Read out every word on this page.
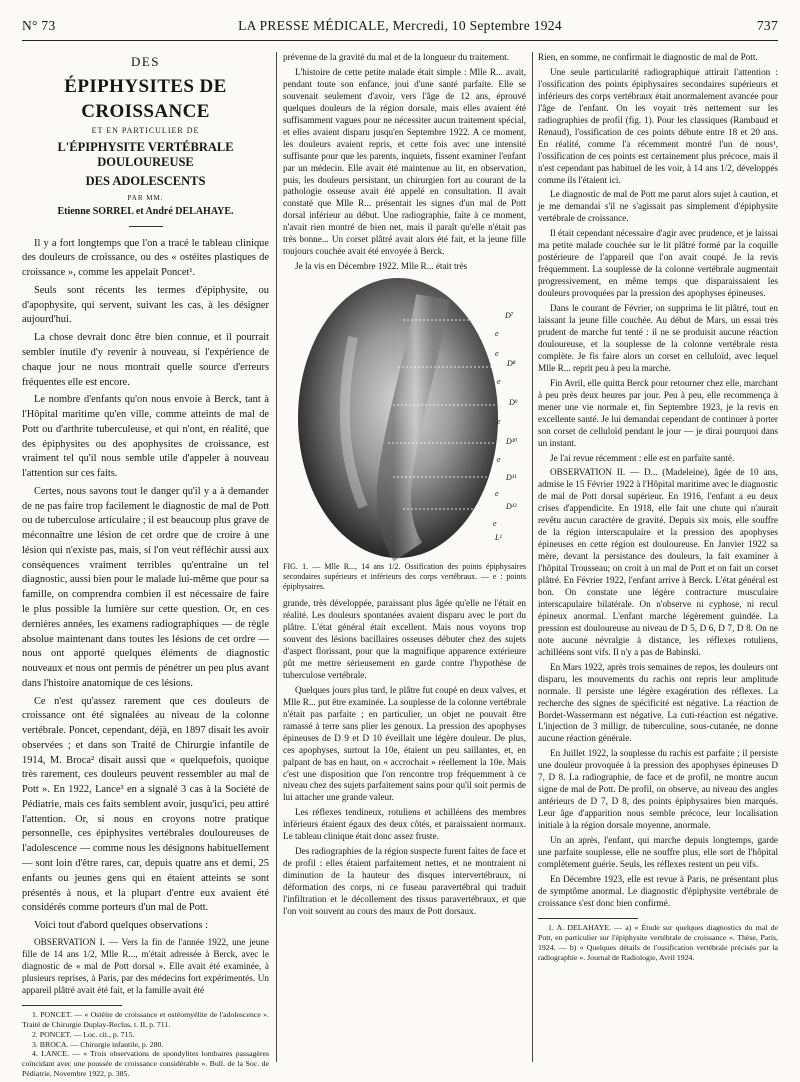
N° 73	LA PRESSE MÉDICALE, Mercredi, 10 Septembre 1924	737
DES
ÉPIPHYSITES DE CROISSANCE
ET EN PARTICULIER DE
L'ÉPIPHYSITE VERTÉBRALE DOULOUREUSE
DES ADOLESCENTS
PAR MM.
Etienne SORREL et André DELAHAYE.

Il y a fort longtemps que l'on a tracé le tableau clinique des douleurs de croissance, ou des « ostéites plastiques de croissance », comme les appelait Poncet¹.

Seuls sont récents les termes d'épiphysite, ou d'apophysite, qui servent, suivant les cas, à les désigner aujourd'hui.

La chose devrait donc être bien connue, et il pourrait sembler inutile d'y revenir à nouveau, si l'expérience de chaque jour ne nous montrait quelle source d'erreurs fréquentes elle est encore.

Le nombre d'enfants qu'on nous envoie à Berck, tant à l'Hôpital maritime qu'en ville, comme atteints de mal de Pott ou d'arthrite tuberculeuse, et qui n'ont, en réalité, que des épiphysites ou des apophysites de croissance, est vraiment tel qu'il nous semble utile d'appeler à nouveau l'attention sur ces faits.

Certes, nous savons tout le danger qu'il y a à demander de ne pas faire trop facilement le diagnostic de mal de Pott ou de tuberculose articulaire ; il est beaucoup plus grave de méconnaître une lésion de cet ordre que de croire à une lésion qui n'existe pas, mais, si l'on veut réfléchir aussi aux conséquences vraiment terribles qu'entraîne un tel diagnostic, aussi bien pour le malade lui-même que pour sa famille, on comprendra combien il est nécessaire de faire le plus possible la lumière sur cette question. Or, en ces dernières années, les examens radiographiques — de règle absolue maintenant dans toutes les lésions de cet ordre — nous ont apporté quelques éléments de diagnostic nouveaux et nous ont permis de pénétrer un peu plus avant dans l'histoire anatomique de ces lésions.

Ce n'est qu'assez rarement que ces douleurs de croissance ont été signalées au niveau de la colonne vertébrale. Poncet, cependant, déjà, en 1897 disait les avoir observées ; et dans son Traité de Chirurgie infantile de 1914, M. Broca² disait aussi que « quelquefois, quoique très rarement, ces douleurs peuvent ressembler au mal de Pott ». En 1922, Lance³ en a signalé 3 cas à la Société de Pédiatrie, mais ces faits semblent avoir, jusqu'ici, peu attiré l'attention. Or, si nous en croyons notre pratique personnelle, ces épiphysites vertébrales douloureuses de l'adolescence — comme nous les désignons habituellement — sont loin d'être rares, car, depuis quatre ans et demi, 25 enfants ou jeunes gens qui en étaient atteints se sont présentés à nous, et la plupart d'entre eux avaient été considérés comme porteurs d'un mal de Pott.

Voici tout d'abord quelques observations :

OBSERVATION I. — Vers la fin de l'année 1922, une jeune fille de 14 ans 1/2, Mlle R..., m'était adressée à Berck, avec le diagnostic de « mal de Pott dorsal ». Elle avait été examinée, à plusieurs reprises, à Paris, par des médecins fort expérimentés. Un appareil plâtré avait été fait, et la famille avait été

1. PONCET. — « Ostéite de croissance et ostéomyélite de l'adolescence ». Traité de Chirurgie Duplay-Reclus, t. II, p. 711.

2. PONCET. — Loc. cit., p. 715.

3. BROCA. — Chirurgie infantile, p. 280.

4. LANCE. — « Trois observations de spondylites lombaires passagères coïncidant avec une poussée de croissance considérable ». Bull. de la Soc. de Pédiatrie, Novembre 1922, p. 385.

prévenue de la gravité du mal et de la longueur du traitement.

L'histoire de cette petite malade était simple : Mlle R... avait, pendant toute son enfance, joui d'une santé parfaite. Elle se souvenait seulement d'avoir, vers l'âge de 12 ans, éprouvé quelques douleurs de la région dorsale, mais elles avaient été suffisamment vagues pour ne nécessiter aucun traitement spécial, et elles avaient disparu jusqu'en Septembre 1922. A ce moment, les douleurs avaient repris, et cette fois avec une intensité suffisante pour que les parents, inquiets, fissent examiner l'enfant par un médecin. Elle avait été maintenue au lit, en observation, puis, les douleurs persistant, un chirurgien fort au courant de la pathologie osseuse avait été appelé en consultation. Il avait constaté que Mlle R... présentait les signes d'un mal de Pott dorsal inférieur au début. Une radiographie, faite à ce moment, n'avait rien montré de bien net, mais il paraît qu'elle n'était pas très bonne... Un corset plâtré avait alors été fait, et la jeune fille toujours couchée avait été envoyée à Berck.

Je la vis en Décembre 1922. Mlle R... était très

D⁷
D⁸
D⁹
D¹⁰
D¹¹
D¹²
L¹
e
e
e
e
e
e
e

FIG. 1. — Mlle R..., 14 ans 1/2. Ossification des points épiphysaires secondaires supérieurs et inférieurs des corps vertébraux. — e : points épiphysaires.

grande, très développée, paraissant plus âgée qu'elle ne l'était en réalité. Les douleurs spontanées avaient disparu avec le port du plâtre. L'état général était excellent. Mais nous voyons trop souvent des lésions bacillaires osseuses débuter chez des sujets d'aspect florissant, pour que la magnifique apparence extérieure pût me mettre sérieusement en garde contre l'hypothèse de tuberculose vertébrale.

Quelques jours plus tard, le plâtre fut coupé en deux valves, et Mlle R... put être examinée. La souplesse de la colonne vertébrale n'était pas parfaite ; en particulier, un objet ne pouvait être ramassé à terre sans plier les genoux. La pression des apophyses épineuses de D 9 et D 10 éveillait une légère douleur. De plus, ces apophyses, surtout la 10e, étaient un peu saillantes, et, en palpant de bas en haut, on « accrochait » réellement la 10e. Mais c'est une disposition que l'on rencontre trop fréquemment à ce niveau chez des sujets parfaitement sains pour qu'il soit permis de lui attacher une grande valeur.

Les réflexes tendineux, rotuliens et achilléens des membres inférieurs étaient égaux des deux côtés, et paraissaient normaux. Le tableau clinique était donc assez fruste.

Des radiographies de la région suspecte furent faites de face et de profil : elles étaient parfaitement nettes, et ne montraient ni diminution de la hauteur des disques intervertébraux, ni déformation des corps, ni ce fuseau paravertébral qui traduit l'infiltration et le décollement des tissus paravertébraux, et que l'on voit souvent au cours des maux de Pott dorsaux.

Rien, en somme, ne confirmait le diagnostic de mal de Pott.

Une seule particularité radiographique attirait l'attention : l'ossification des points épiphysaires secondaires supérieurs et inférieurs des corps vertébraux était anormalement avancée pour l'âge de l'enfant. On les voyait très nettement sur les radiographies de profil (fig. 1). Pour les classiques (Rambaud et Renaud), l'ossification de ces points débute entre 18 et 20 ans. En réalité, comme l'a récemment montré l'un de nous¹, l'ossification de ces points est certainement plus précoce, mais il n'est cependant pas habituel de les voir, à 14 ans 1/2, développés comme ils l'étaient ici.

Le diagnostic de mal de Pott me parut alors sujet à caution, et je me demandai s'il ne s'agissait pas simplement d'épiphysite vertébrale de croissance.

Il était cependant nécessaire d'agir avec prudence, et je laissai ma petite malade couchée sur le lit plâtré formé par la coquille postérieure de l'appareil que l'on avait coupé. Je la revis fréquemment. La souplesse de la colonne vertébrale augmentait progressivement, en même temps que disparaissaient les douleurs provoquées par la pression des apophyses épineuses.

Dans le courant de Février, on supprima le lit plâtré, tout en laissant la jeune fille couchée. Au début de Mars, un essai très prudent de marche fut tenté : il ne se produisit aucune réaction douloureuse, et la souplesse de la colonne vertébrale resta complète. Je fis faire alors un corset en celluloïd, avec lequel Mlle R... reprit peu à peu la marche.

Fin Avril, elle quitta Berck pour retourner chez elle, marchant à peu près deux heures par jour. Peu à peu, elle recommença à mener une vie normale et, fin Septembre 1923, je la revis en excellente santé. Je lui demandai cependant de continuer à porter son corset de celluloïd pendant le jour — je dirai pourquoi dans un instant.

Je l'ai revue récemment : elle est en parfaite santé.

OBSERVATION II. — D... (Madeleine), âgée de 10 ans, admise le 15 Février 1922 à l'Hôpital maritime avec le diagnostic de mal de Pott dorsal supérieur. En 1916, l'enfant a eu deux crises d'appendicite. En 1918, elle fait une chute qui n'aurait revêtu aucun caractère de gravité. Depuis six mois, elle souffre de la région interscapulaire et la pression des apophyses épineuses en cette région est douloureuse. En Janvier 1922 sa mère, devant la persistance des douleurs, la fait examiner à l'hôpital Trousseau; on croit à un mal de Pott et on fait un corset plâtré. En Février 1922, l'enfant arrive à Berck. L'état général est bon. On constate une légère contracture musculaire interscapulaire bilatérale. On n'observe ni cyphose, ni recul épineux anormal. L'enfant marche légèrement guindée. La pression est douloureuse au niveau de D 5, D 6, D 7, D 8. On ne note aucune névralgie à distance, les réflexes rotuliens, achilléens sont vifs. Il n'y a pas de Babinski.

En Mars 1922, après trois semaines de repos, les douleurs ont disparu, les mouvements du rachis ont repris leur amplitude normale. Il persiste une légère exagération des réflexes. La recherche des signes de spécificité est négative. La réaction de Bordet-Wassermann est négative. La cuti-réaction est négative. L'injection de 3 milligr. de tuberculine, sous-cutanée, ne donne aucune réaction générale.

En Juillet 1922, la souplesse du rachis est parfaite ; il persiste une douleur provoquée à la pression des apophyses épineuses D 7, D 8. La radiographie, de face et de profil, ne montre aucun signe de mal de Pott. De profil, on observe, au niveau des angles antérieurs de D 7, D 8, des points épiphysaires bien marqués. Leur âge d'apparition nous semble précoce, leur localisation initiale à la région dorsale moyenne, anormale.

Un an après, l'enfant, qui marche depuis longtemps, garde une parfaite souplesse, elle ne souffre plus, elle sort de l'hôpital complètement guérie. Seuls, les réflexes restent un peu vifs.

En Décembre 1923, elle est revue à Paris, ne présentant plus de symptôme anormal. Le diagnostic d'épiphysite vertébrale de croissance s'est donc bien confirmé.

1. A. DELAHAYE. — a) « Étude sur quelques diagnostics du mal de Pott, en particulier sur l'épiphysite vertébrale de croissance ». Thèse, Paris, 1924. — b) « Quelques détails de l'ossification vertébrale précisés par la radiographie ». Journal de Radiologie, Avril 1924.
